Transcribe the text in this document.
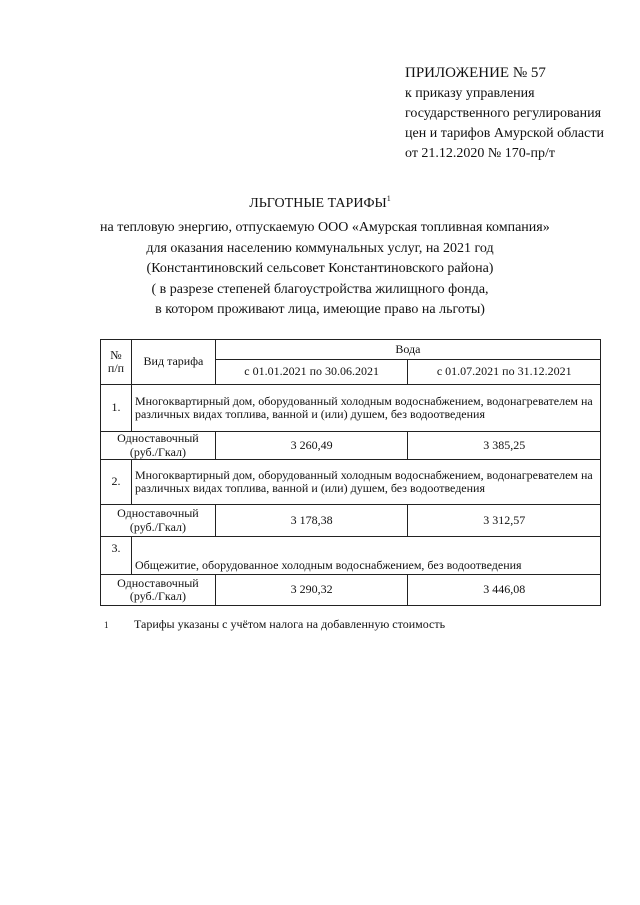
ПРИЛОЖЕНИЕ № 57
к приказу управления
государственного регулирования
цен и тарифов Амурской области
от 21.12.2020 № 170-пр/т
ЛЬГОТНЫЕ ТАРИФЫ$^1$
на тепловую энергию, отпускаемую ООО «Амурская топливная компания»
для оказания населению коммунальных услуг, на 2021 год
(Константиновский сельсовет Константиновского района)
( в разрезе степеней благоустройства жилищного фонда,
в котором проживают лица, имеющие право на льготы)
№ п/п	Вид тарифа	Вода	
		с 01.01.2021 по 30.06.2021	с 01.07.2021 по 31.12.2021
1.	Многоквартирный дом, оборудованный холодным водоснабжением, водонагревателем на различных видах топлива, ванной и (или) душем, без водоотведения		
Одноставочный (руб./Гкал)		3 260,49	3 385,25
2.	Многоквартирный дом, оборудованный холодным водоснабжением, водонагревателем на различных видах топлива, ванной и (или) душем, без водоотведения		
Одноставочный (руб./Гкал)		3 178,38	3 312,57
3.	Общежитие, оборудованное холодным водоснабжением, без водоотведения		
Одноставочный (руб./Гкал)		3 290,32	3 446,08
1 Тарифы указаны с учётом налога на добавленную стоимость
